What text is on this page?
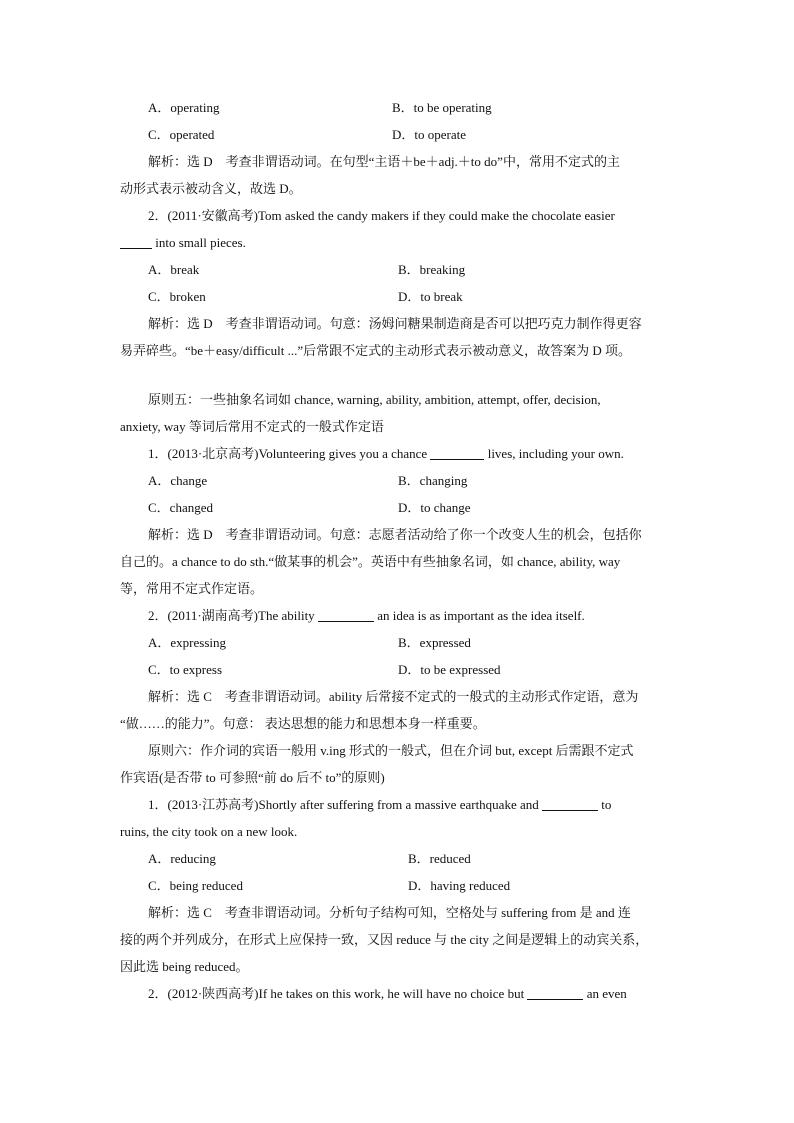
A．operating	B．to be operating
C．operated	D．to operate
解析：选 D　考查非谓语动词。在句型“主语＋be＋adj.＋to do”中，常用不定式的主
动形式表示被动含义，故选 D。
2．(2011·安徽高考)Tom asked the candy makers if they could make the chocolate easier
into small pieces.
A．break	B．breaking
C．broken	D．to break
解析：选 D　考查非谓语动词。句意：汤姆问糖果制造商是否可以把巧克力制作得更容
易弄碎些。“be＋easy/difficult ...”后常跟不定式的主动形式表示被动意义，故答案为 D 项。
原则五：一些抽象名词如 chance, warning, ability, ambition, attempt, offer, decision,
anxiety, way 等词后常用不定式的一般式作定语
1．(2013·北京高考)Volunteering gives you a chance	lives, including your own.
A．change	B．changing
C．changed	D．to change
解析：选 D　考查非谓语动词。句意：志愿者活动给了你一个改变人生的机会，包括你
自己的。a chance to do sth.“做某事的机会”。英语中有些抽象名词，如 chance, ability, way
等，常用不定式作定语。
2．(2011·湖南高考)The ability	an idea is as important as the idea itself.
A．expressing	B．expressed
C．to express	D．to be expressed
解析：选 C　考查非谓语动词。ability 后常接不定式的一般式的主动形式作定语，意为
“做……的能力”。句意： 表达思想的能力和思想本身一样重要。
原则六：作介词的宾语一般用 v.ing 形式的一般式，但在介词 but, except 后需跟不定式
作宾语(是否带 to 可参照“前 do 后不 to”的原则)
1．(2013·江苏高考)Shortly after suffering from a massive earthquake and	to
ruins, the city took on a new look.
A．reducing	B．reduced
C．being reduced	D．having reduced
解析：选 C　考查非谓语动词。分析句子结构可知，空格处与 suffering from 是 and 连
接的两个并列成分，在形式上应保持一致，又因 reduce 与 the city 之间是逻辑上的动宾关系，
因此选 being reduced。
2．(2012·陕西高考)If he takes on this work, he will have no choice but	an even
